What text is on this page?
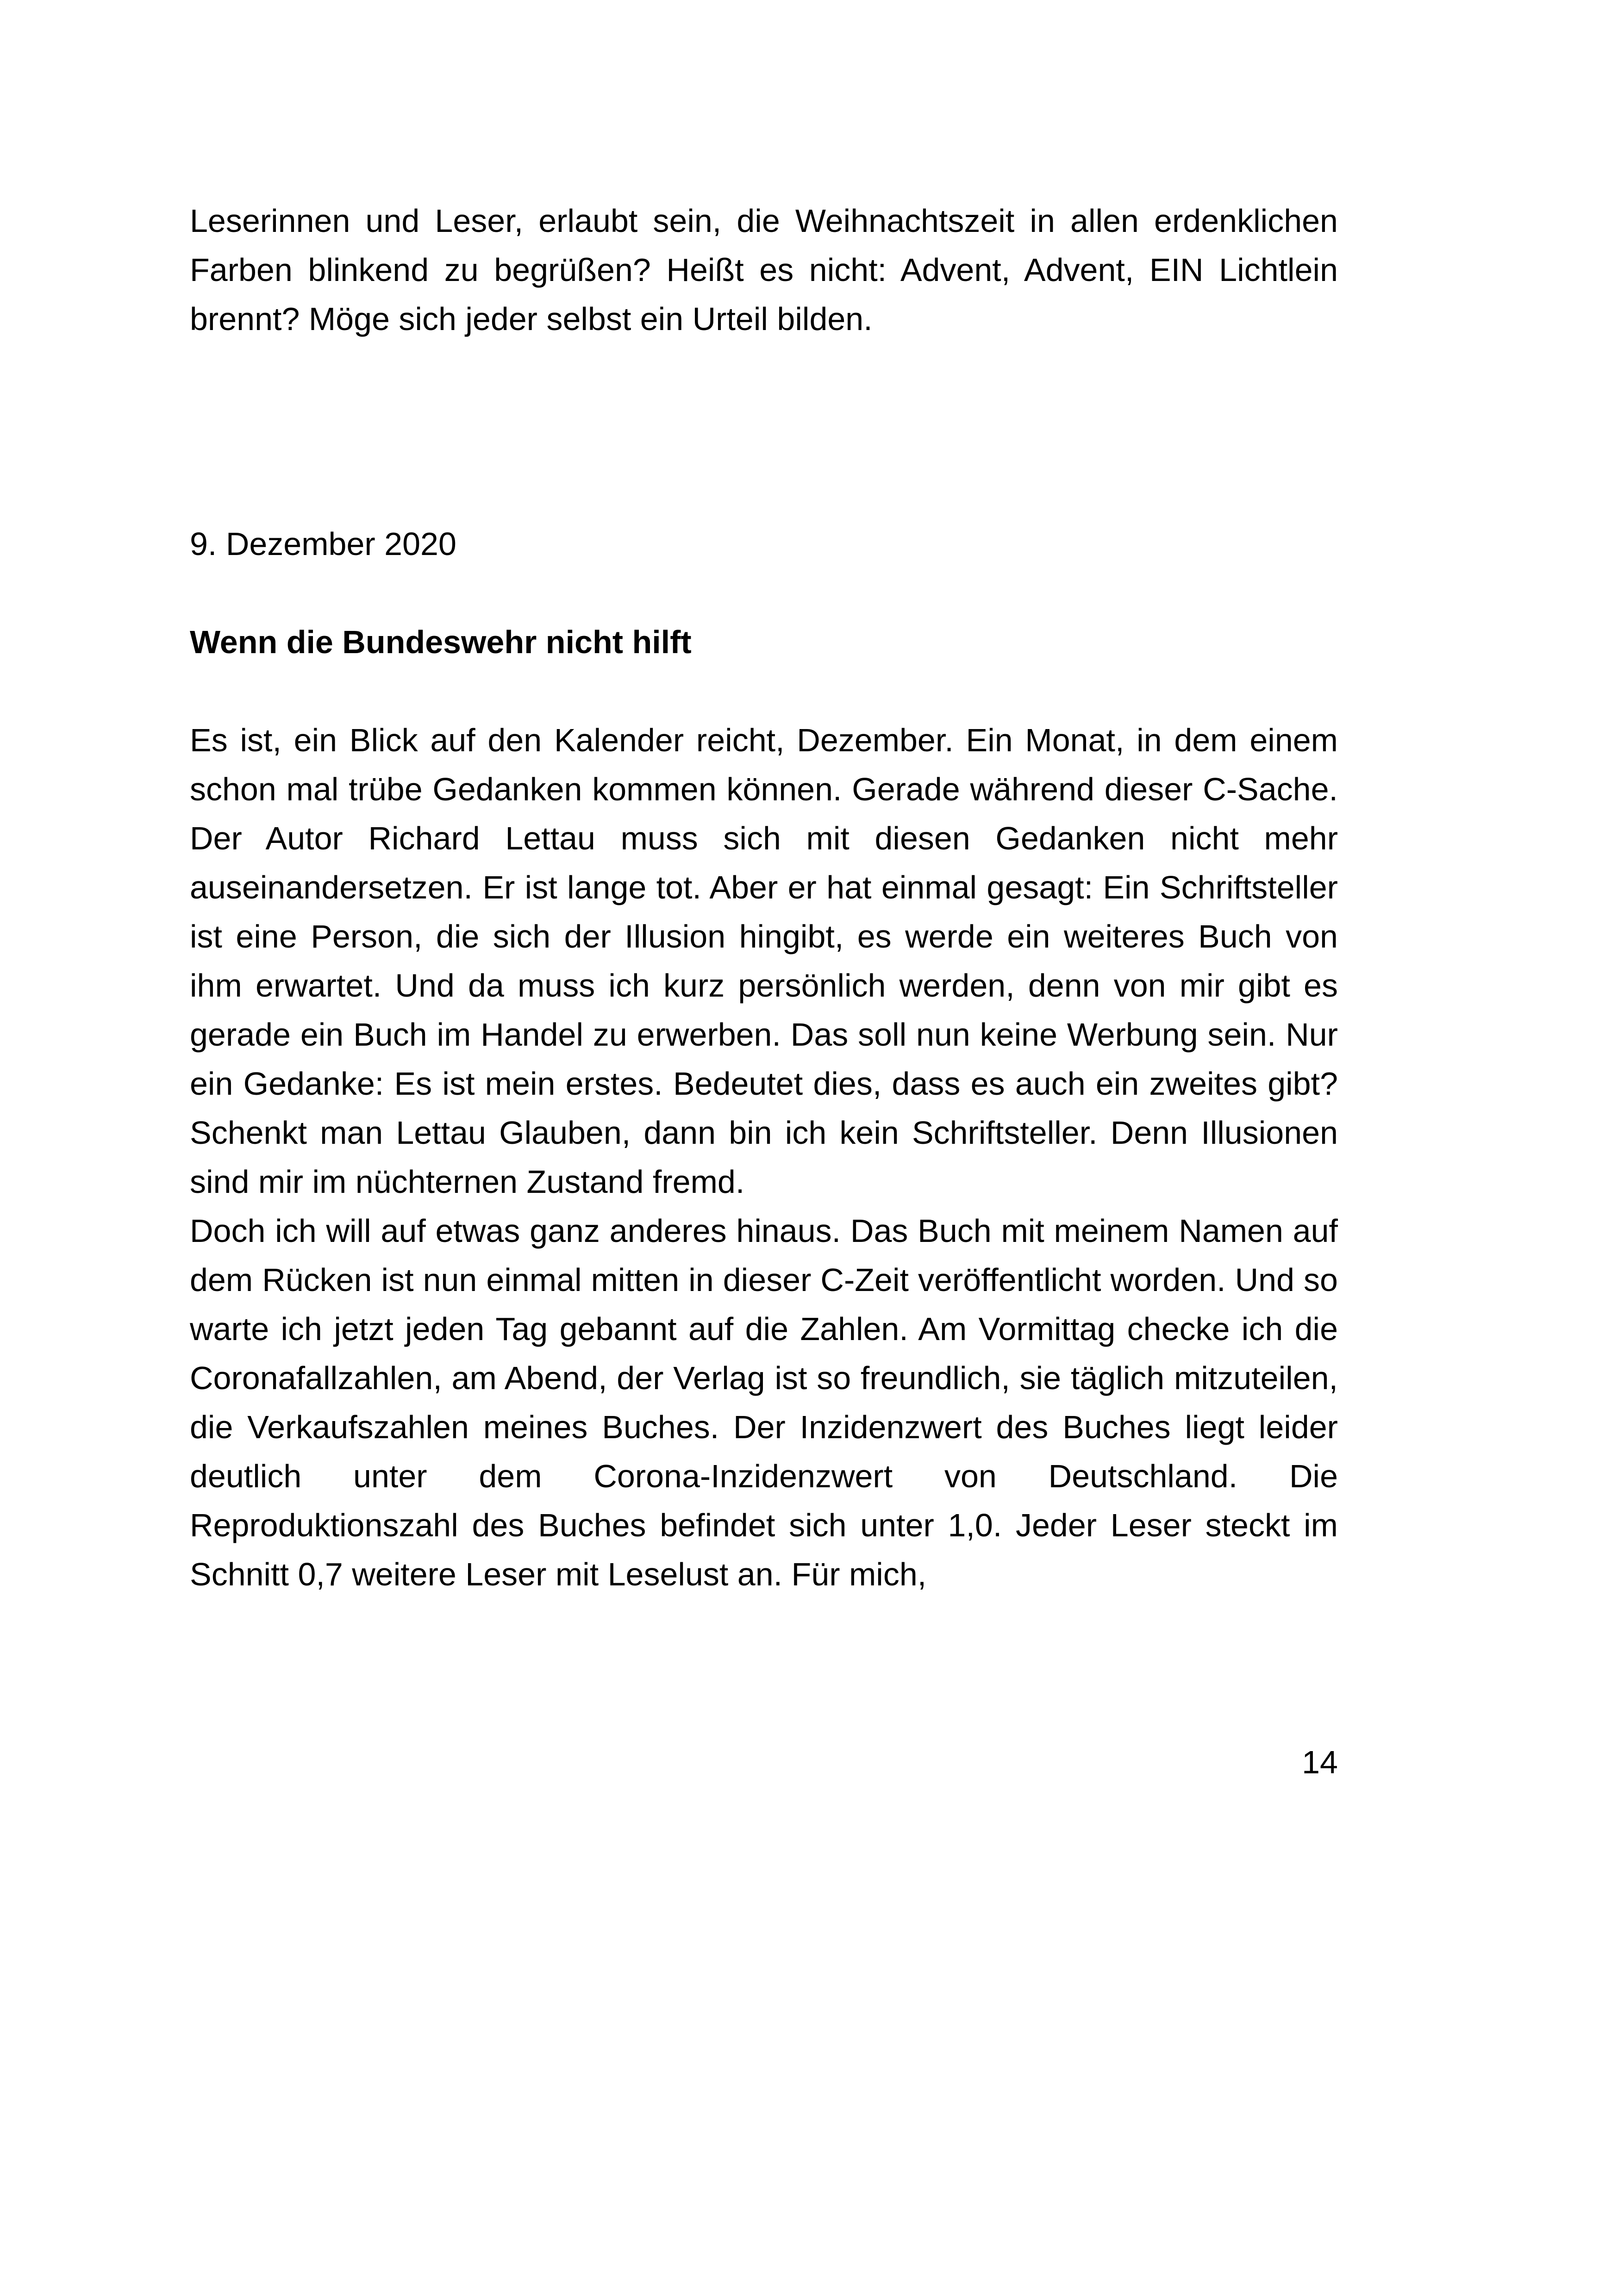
Leserinnen und Leser, erlaubt sein, die Weihnachtszeit in allen erdenklichen Farben blinkend zu begrüßen? Heißt es nicht: Advent, Advent, EIN Lichtlein brennt? Möge sich jeder selbst ein Urteil bilden.

9. Dezember 2020

Wenn die Bundeswehr nicht hilft

Es ist, ein Blick auf den Kalender reicht, Dezember. Ein Monat, in dem einem schon mal trübe Gedanken kommen können. Gerade während dieser C-Sache. Der Autor Richard Lettau muss sich mit diesen Gedanken nicht mehr auseinandersetzen. Er ist lange tot. Aber er hat einmal gesagt: Ein Schriftsteller ist eine Person, die sich der Illusion hingibt, es werde ein weiteres Buch von ihm erwartet. Und da muss ich kurz persönlich werden, denn von mir gibt es gerade ein Buch im Handel zu erwerben. Das soll nun keine Werbung sein. Nur ein Gedanke: Es ist mein erstes. Bedeutet dies, dass es auch ein zweites gibt? Schenkt man Lettau Glauben, dann bin ich kein Schriftsteller. Denn Illusionen sind mir im nüchternen Zustand fremd.

Doch ich will auf etwas ganz anderes hinaus. Das Buch mit meinem Namen auf dem Rücken ist nun einmal mitten in dieser C-Zeit veröffentlicht worden. Und so warte ich jetzt jeden Tag gebannt auf die Zahlen. Am Vormittag checke ich die Coronafallzahlen, am Abend, der Verlag ist so freundlich, sie täglich mitzuteilen, die Verkaufszahlen meines Buches. Der Inzidenzwert des Buches liegt leider deutlich unter dem Corona-Inzidenzwert von Deutschland. Die Reproduktionszahl des Buches befindet sich unter 1,0. Jeder Leser steckt im Schnitt 0,7 weitere Leser mit Leselust an. Für mich,

14
